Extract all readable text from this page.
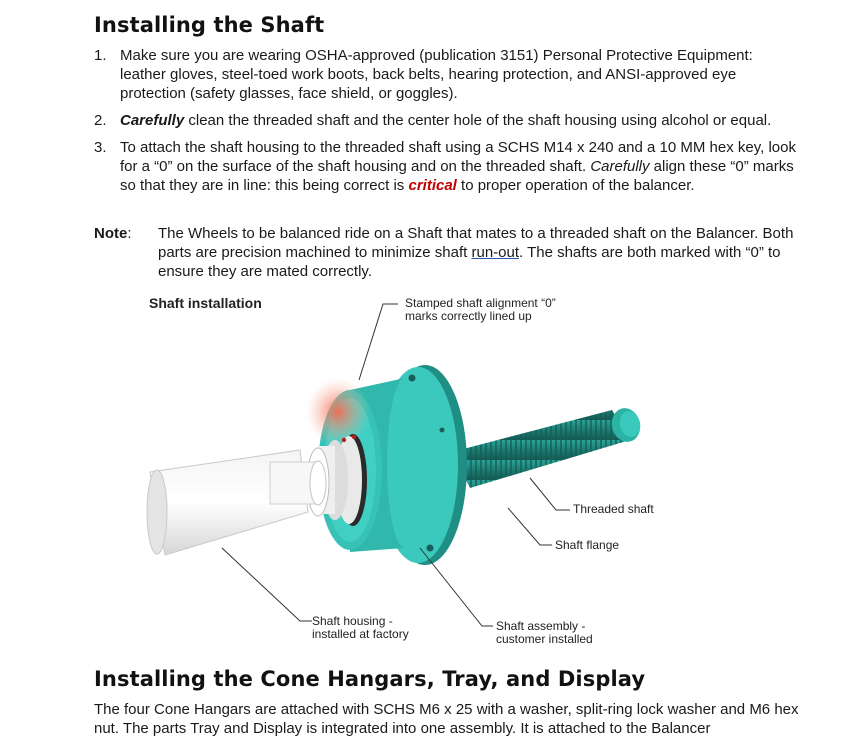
Installing the Shaft
1. Make sure you are wearing OSHA-approved (publication 3151) Personal Protective Equipment: leather gloves, steel-toed work boots, back belts, hearing protection, and ANSI-approved eye protection (safety glasses, face shield, or goggles).
2. Carefully clean the threaded shaft and the center hole of the shaft housing using alcohol or equal.
3. To attach the shaft housing to the threaded shaft using a SCHS M14 x 240 and a 10 MM hex key, look for a “0” on the surface of the shaft housing and on the threaded shaft. Carefully align these “0” marks so that they are in line: this being correct is critical to proper operation of the balancer.
Note: The Wheels to be balanced ride on a Shaft that mates to a threaded shaft on the Balancer. Both parts are precision machined to minimize shaft run-out. The shafts are both marked with “0” to ensure they are mated correctly.
Shaft installation	Stamped shaft alignment “0”
marks correctly lined up
Threaded shaft
Shaft flange
Shaft housing -
installed at factory
Shaft assembly -
customer installed
Installing the Cone Hangars, Tray, and Display
The four Cone Hangars are attached with SCHS M6 x 25 with a washer, split-ring lock washer and M6 hex nut. The parts Tray and Display is integrated into one assembly. It is attached to the Balancer
